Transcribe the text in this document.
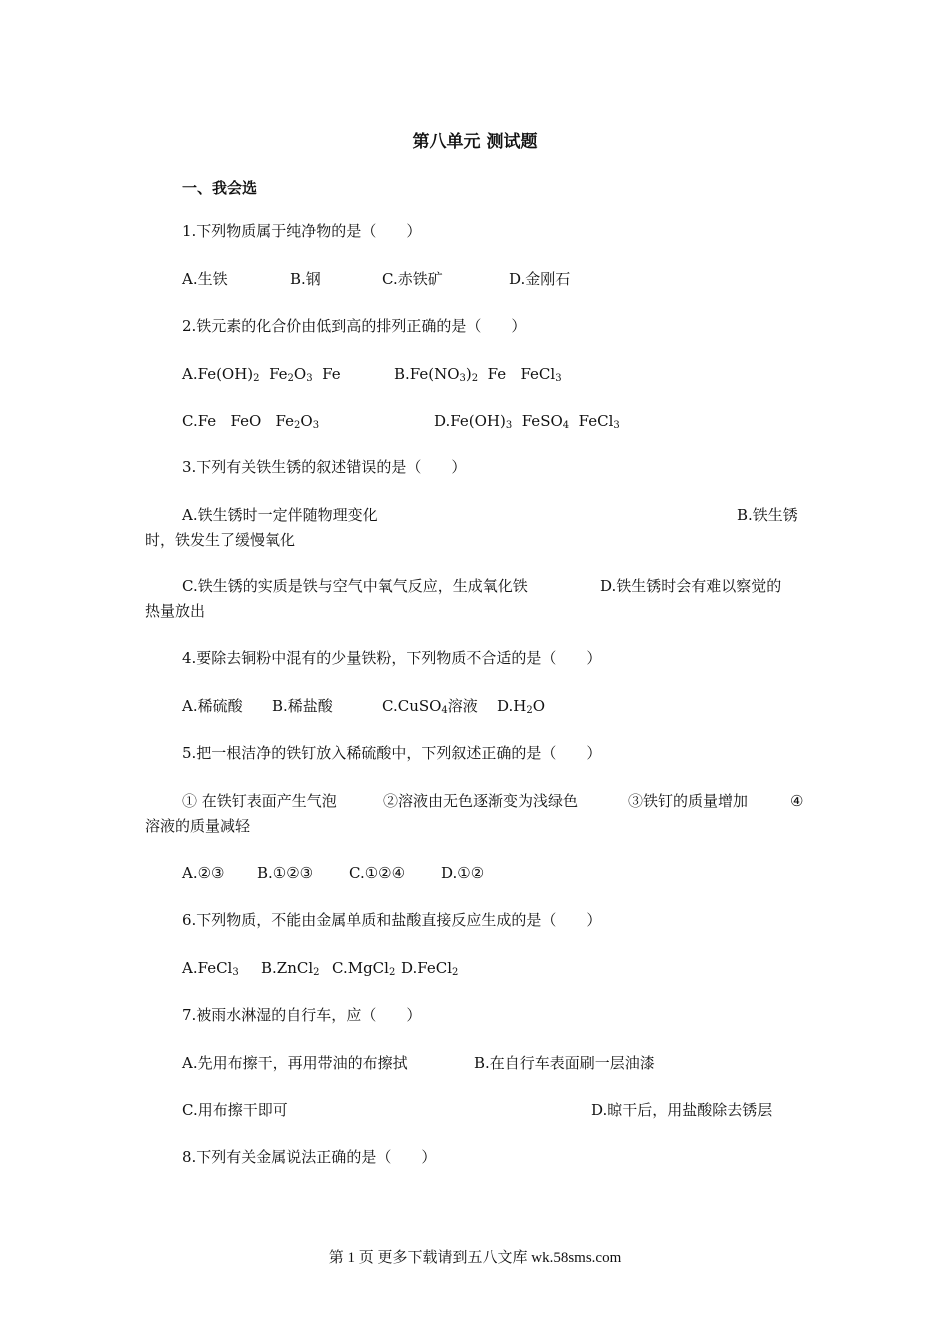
第八单元 测试题
一、我会选
1.下列物质属于纯净物的是（　　）
A.生铁	B.钢	C.赤铁矿	D.金刚石
2.铁元素的化合价由低到高的排列正确的是（　　）
$A.Fe(OH)_2$  $Fe_2O_3$  Fe	$B.Fe(NO_3)_2$  Fe   FeCl$_3$
C.Fe   FeO   $Fe_2O_3$	$D.Fe(OH)_3$  FeSO$_4$  FeCl$_3$
3.下列有关铁生锈的叙述错误的是（　　）
A.铁生锈时一定伴随物理变化	B.铁生锈
时，铁发生了缓慢氧化
C.铁生锈的实质是铁与空气中氧气反应，生成氧化铁	D.铁生锈时会有难以察觉的
热量放出
4.要除去铜粉中混有的少量铁粉，下列物质不合适的是（　　）
A.稀硫酸 B.稀盐酸	C.CuSO$_4$溶液 $D.H_2O$
5.把一根洁净的铁钉放入稀硫酸中，下列叙述正确的是（　　）
① 在铁钉表面产生气泡	②溶液由无色逐渐变为浅绿色	③铁钉的质量增加	④
溶液的质量减轻
A.②③ B.①②③ C.①②④ D.①②
6.下列物质，不能由金属单质和盐酸直接反应生成的是（　　）
A.FeCl$_3$ B.ZnCl$_2$ C.MgCl$_2$ D.FeCl$_2$
7.被雨水淋湿的自行车，应（　　）
A.先用布擦干，再用带油的布擦拭	B.在自行车表面刷一层油漆
C.用布擦干即可	D.晾干后，用盐酸除去锈层
8.下列有关金属说法正确的是（　　）
第 1 页 更多下载请到五八文库 wk.58sms.com
